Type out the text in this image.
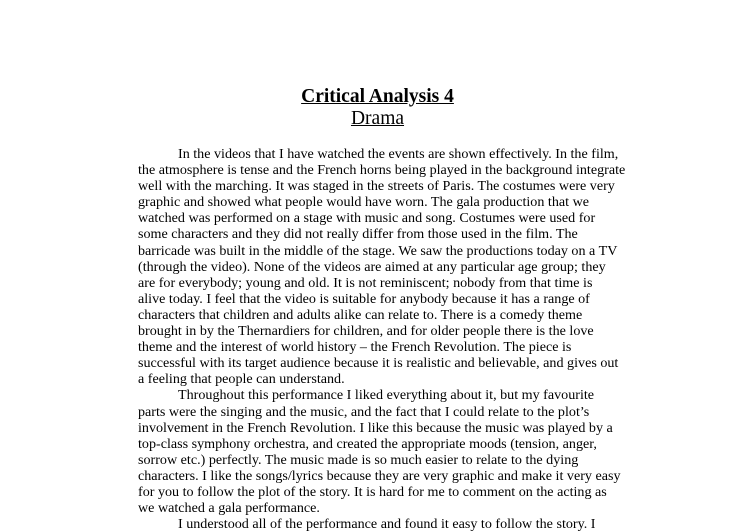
Critical Analysis 4
Drama
In the videos that I have watched the events are shown effectively. In the film,
the atmosphere is tense and the French horns being played in the background integrate
well with the marching. It was staged in the streets of Paris. The costumes were very
graphic and showed what people would have worn. The gala production that we
watched was performed on a stage with music and song. Costumes were used for
some characters and they did not really differ from those used in the film. The
barricade was built in the middle of the stage. We saw the productions today on a TV
(through the video). None of the videos are aimed at any particular age group; they
are for everybody; young and old. It is not reminiscent; nobody from that time is
alive today. I feel that the video is suitable for anybody because it has a range of
characters that children and adults alike can relate to. There is a comedy theme
brought in by the Thernardiers for children, and for older people there is the love
theme and the interest of world history – the French Revolution. The piece is
successful with its target audience because it is realistic and believable, and gives out
a feeling that people can understand.
Throughout this performance I liked everything about it, but my favourite
parts were the singing and the music, and the fact that I could relate to the plot’s
involvement in the French Revolution. I like this because the music was played by a
top-class symphony orchestra, and created the appropriate moods (tension, anger,
sorrow etc.) perfectly. The music made is so much easier to relate to the dying
characters. I like the songs/lyrics because they are very graphic and make it very easy
for you to follow the plot of the story. It is hard for me to comment on the acting as
we watched a gala performance.
I understood all of the performance and found it easy to follow the story. I
